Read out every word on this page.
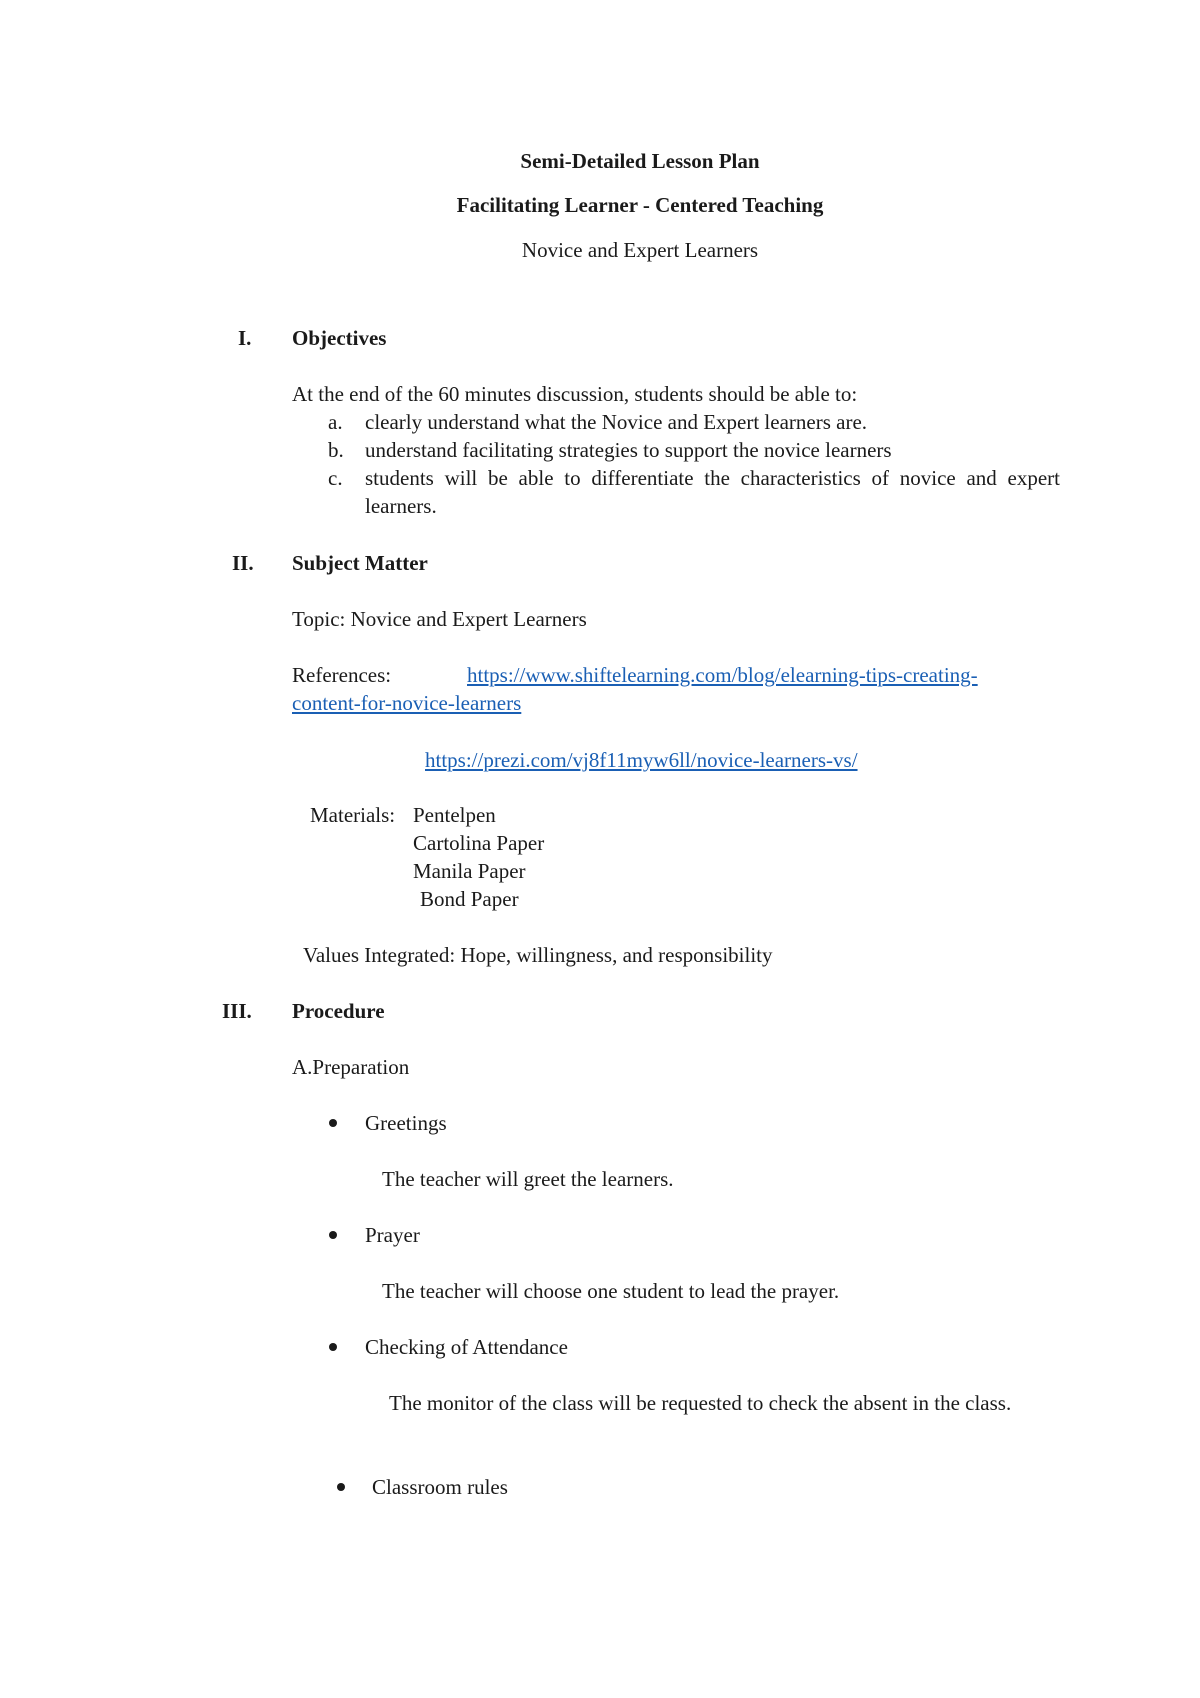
Semi-Detailed Lesson Plan
Facilitating Learner - Centered Teaching
Novice and Expert Learners
I. Objectives
At the end of the 60 minutes discussion, students should be able to:
a. clearly understand what the Novice and Expert learners are.
b. understand facilitating strategies to support the novice learners
c. students will be able to differentiate the characteristics of novice and expert learners.
II. Subject Matter
Topic: Novice and Expert Learners
References:	https://www.shiftelearning.com/blog/elearning-tips-creating-
content-for-novice-learners
https://prezi.com/vj8f11myw6ll/novice-learners-vs/
Materials: Pentelpen
Cartolina Paper
Manila Paper
Bond Paper
Values Integrated: Hope, willingness, and responsibility
III. Procedure
A.Preparation
Greetings
The teacher will greet the learners.
Prayer
The teacher will choose one student to lead the prayer.
Checking of Attendance
The monitor of the class will be requested to check the absent in the class.
Classroom rules
